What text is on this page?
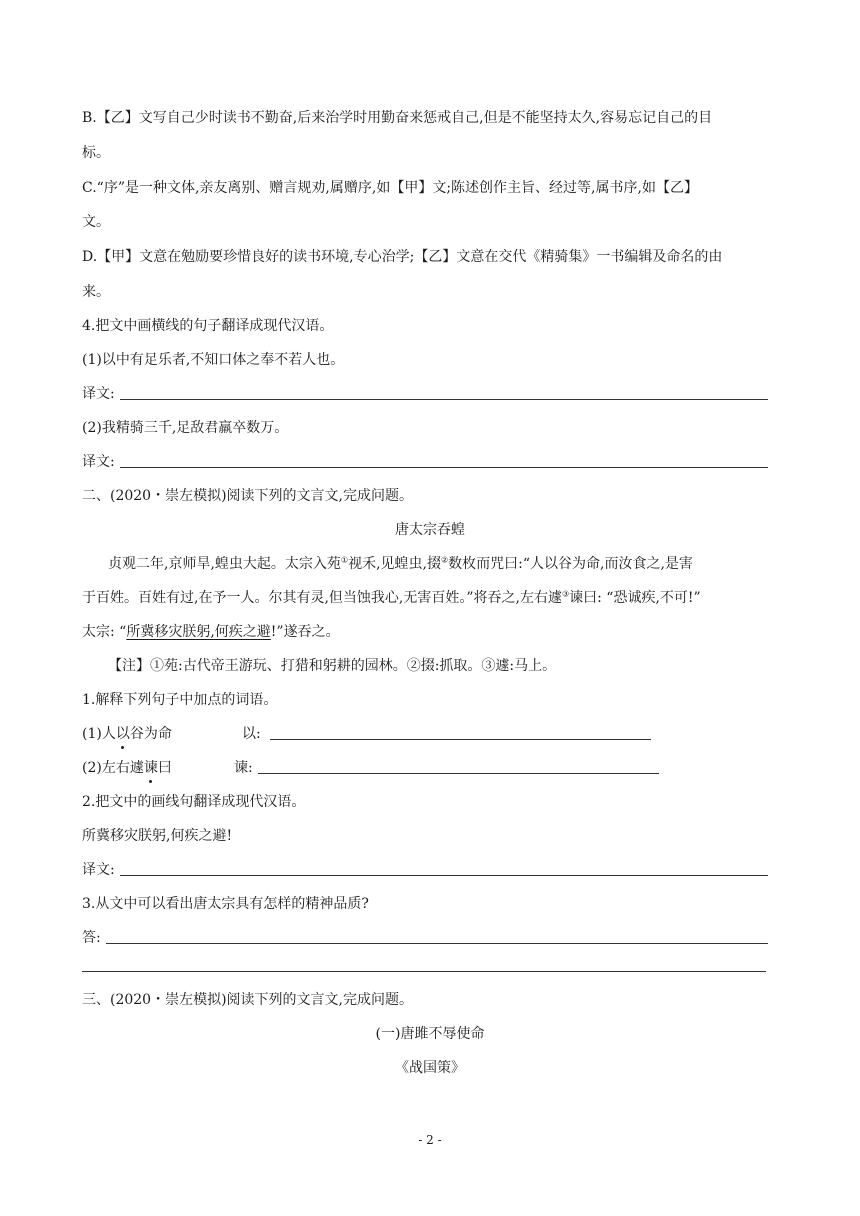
B.【乙】文写自己少时读书不勤奋,后来治学时用勤奋来惩戒自己,但是不能坚持太久,容易忘记自己的目
标。
C.“序”是一种文体,亲友离别、赠言规劝,属赠序,如【甲】文;陈述创作主旨、经过等,属书序,如【乙】
文。
D.【甲】文意在勉励要珍惜良好的读书环境,专心治学;【乙】文意在交代《精骑集》一书编辑及命名的由
来。
4.把文中画横线的句子翻译成现代汉语。
(1)以中有足乐者,不知口体之奉不若人也。
译文:
(2)我精骑三千,足敌君羸卒数万。
译文:
二、(2020・崇左模拟)阅读下列的文言文,完成问题。
唐太宗吞蝗
贞观二年,京师旱,蝗虫大起。太宗入苑①视禾,见蝗虫,掇②数枚而咒曰:“人以谷为命,而汝食之,是害
于百姓。百姓有过,在予一人。尔其有灵,但当蚀我心,无害百姓。”将吞之,左右遽③谏曰: “恐诚疾,不可!”
太宗: “所冀移灾朕躬,何疾之避!”遂吞之。
【注】①苑:古代帝王游玩、打猎和躬耕的园林。②掇:抓取。③遽:马上。
1.解释下列句子中加点的词语。
(1)人以谷为命	以:
(2)左右遽谏曰	谏:
2.把文中的画线句翻译成现代汉语。
所冀移灾朕躬,何疾之避!
译文:
3.从文中可以看出唐太宗具有怎样的精神品质?
答:
三、(2020・崇左模拟)阅读下列的文言文,完成问题。
(一)唐雎不辱使命
《战国策》
- 2 -
